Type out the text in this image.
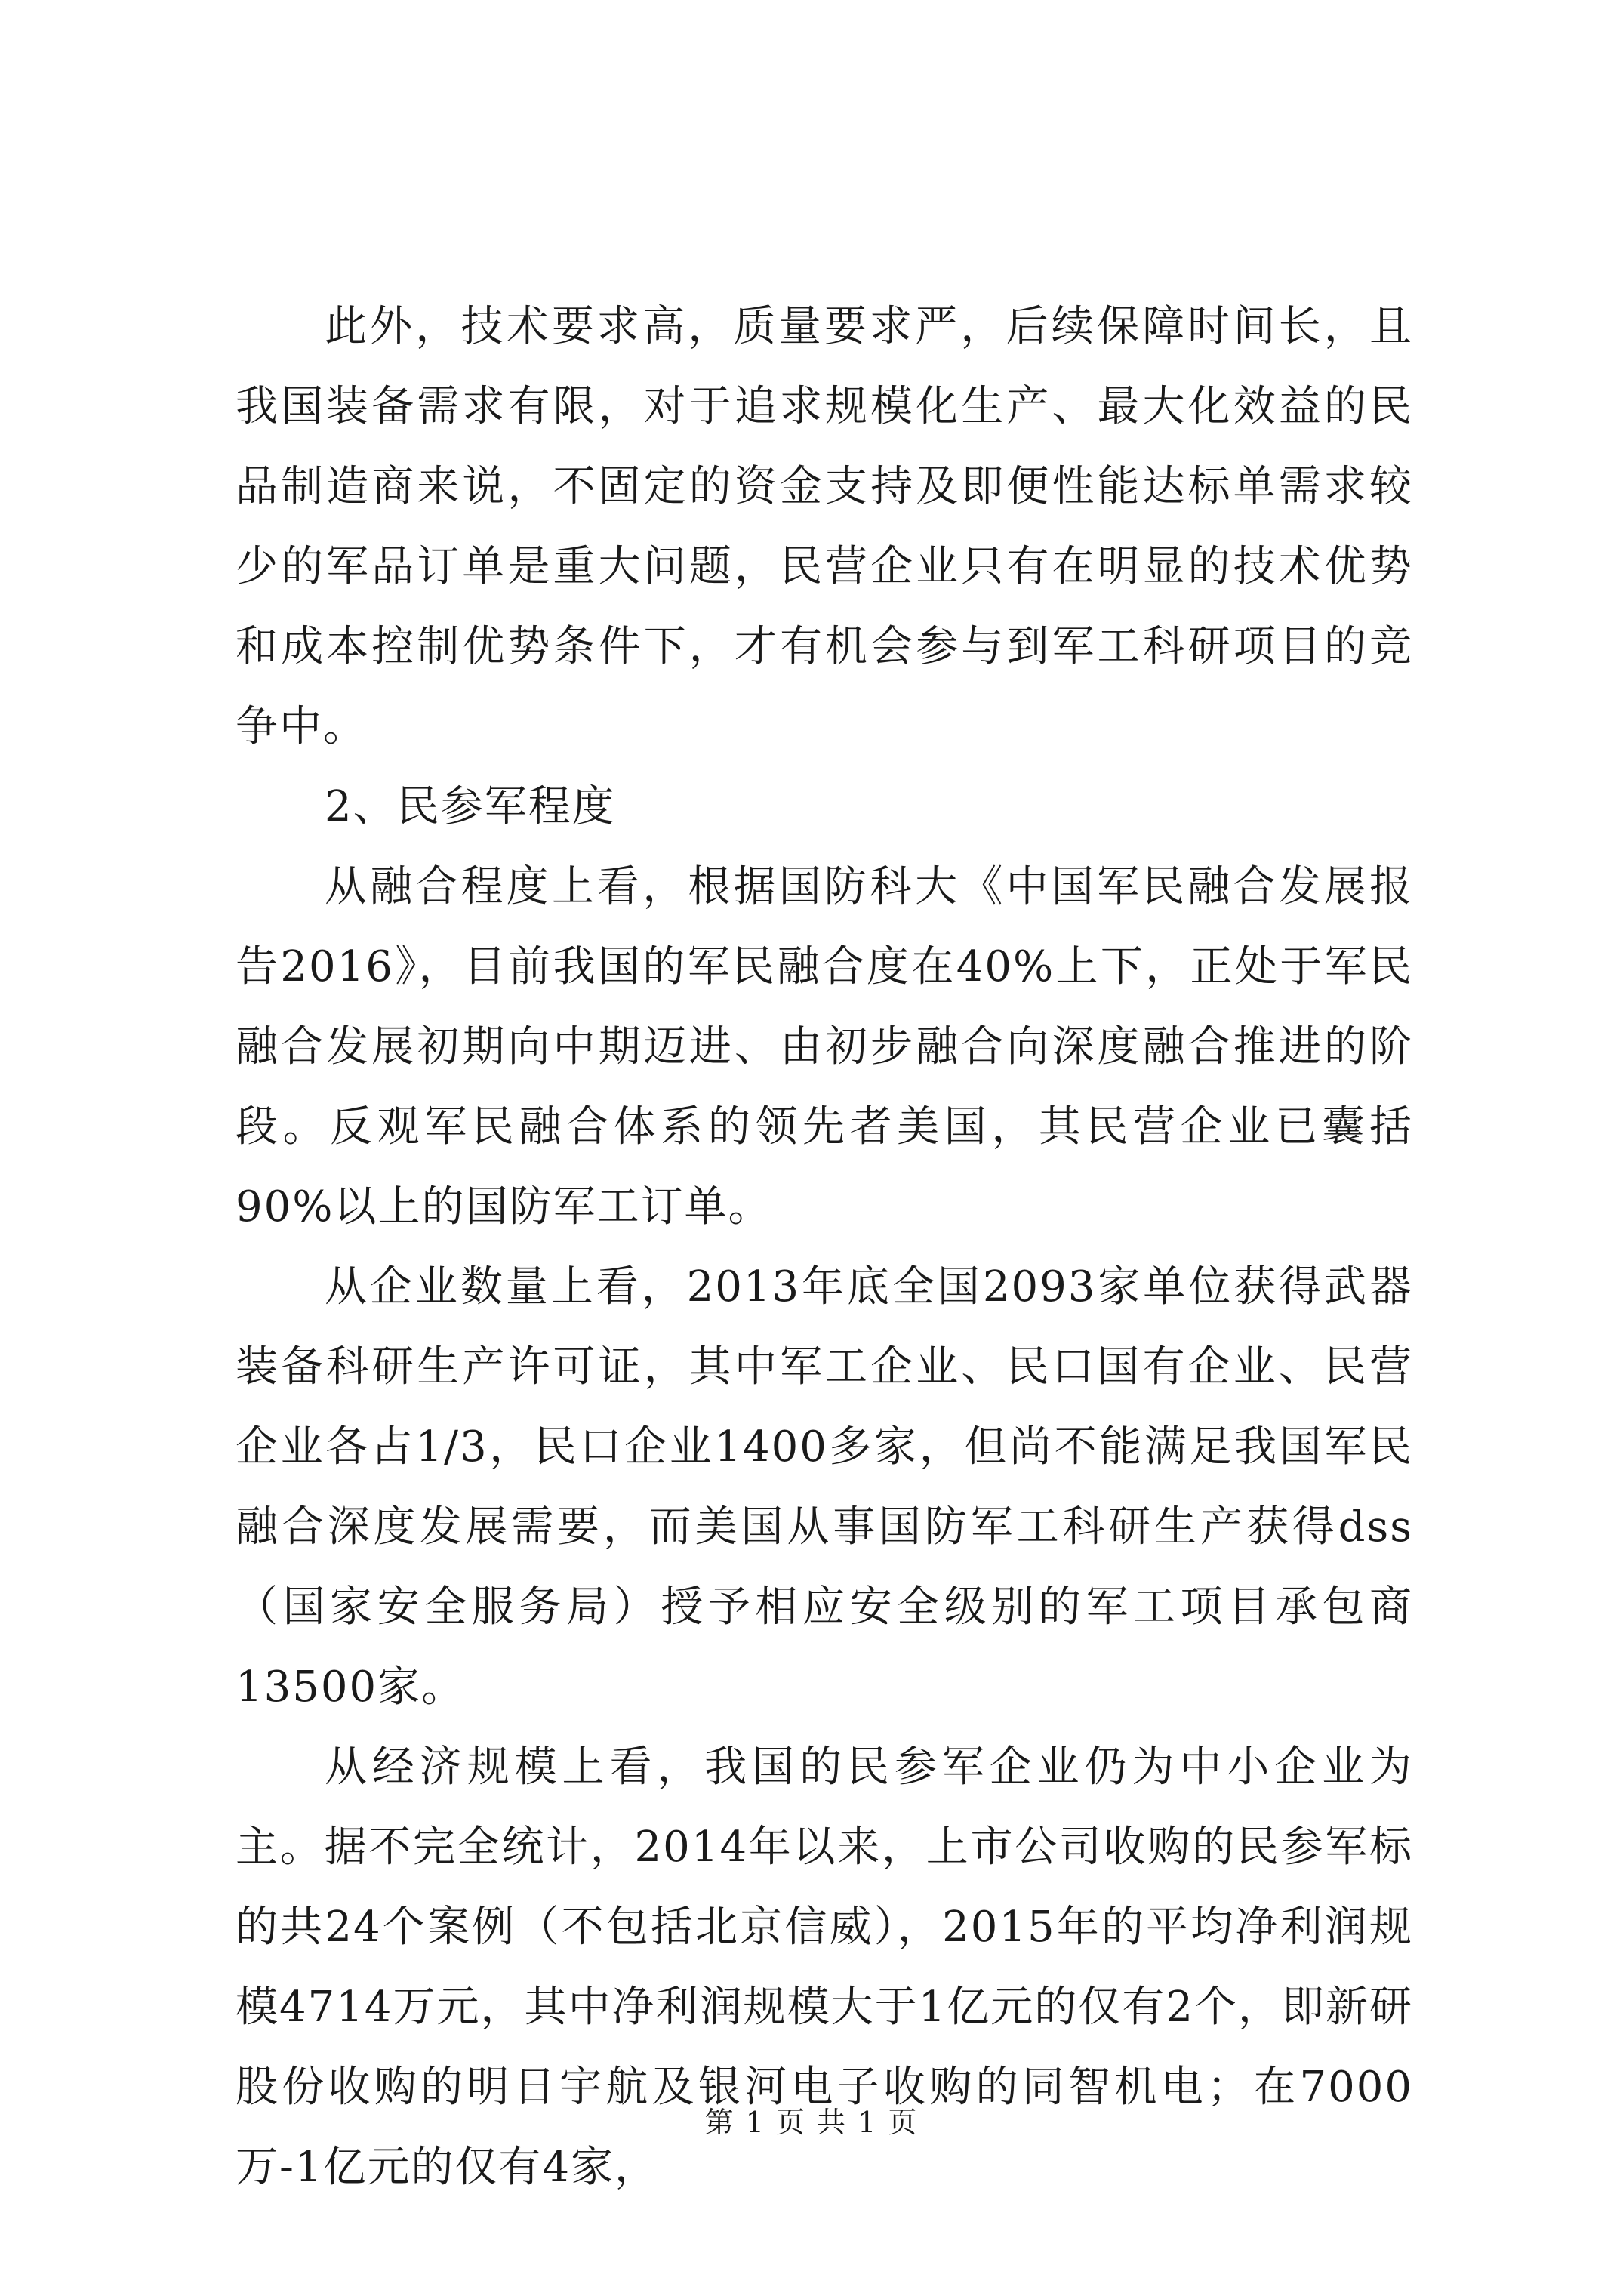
此外，技术要求高，质量要求严，后续保障时间长，且我国装备需求有限，对于追求规模化生产、最大化效益的民品制造商来说，不固定的资金支持及即便性能达标单需求较少的军品订单是重大问题，民营企业只有在明显的技术优势和成本控制优势条件下，才有机会参与到军工科研项目的竞争中。

2、民参军程度

从融合程度上看，根据国防科大《中国军民融合发展报告2016》，目前我国的军民融合度在40%上下，正处于军民融合发展初期向中期迈进、由初步融合向深度融合推进的阶段。反观军民融合体系的领先者美国，其民营企业已囊括90%以上的国防军工订单。

从企业数量上看，2013年底全国2093家单位获得武器装备科研生产许可证，其中军工企业、民口国有企业、民营企业各占1/3，民口企业1400多家，但尚不能满足我国军民融合深度发展需要，而美国从事国防军工科研生产获得dss（国家安全服务局）授予相应安全级别的军工项目承包商13500家。

从经济规模上看，我国的民参军企业仍为中小企业为主。据不完全统计，2014年以来，上市公司收购的民参军标的共24个案例（不包括北京信威），2015年的平均净利润规模4714万元，其中净利润规模大于1亿元的仅有2个，即新研股份收购的明日宇航及银河电子收购的同智机电；在7000万-1亿元的仅有4家，

第 1 页 共 1 页
